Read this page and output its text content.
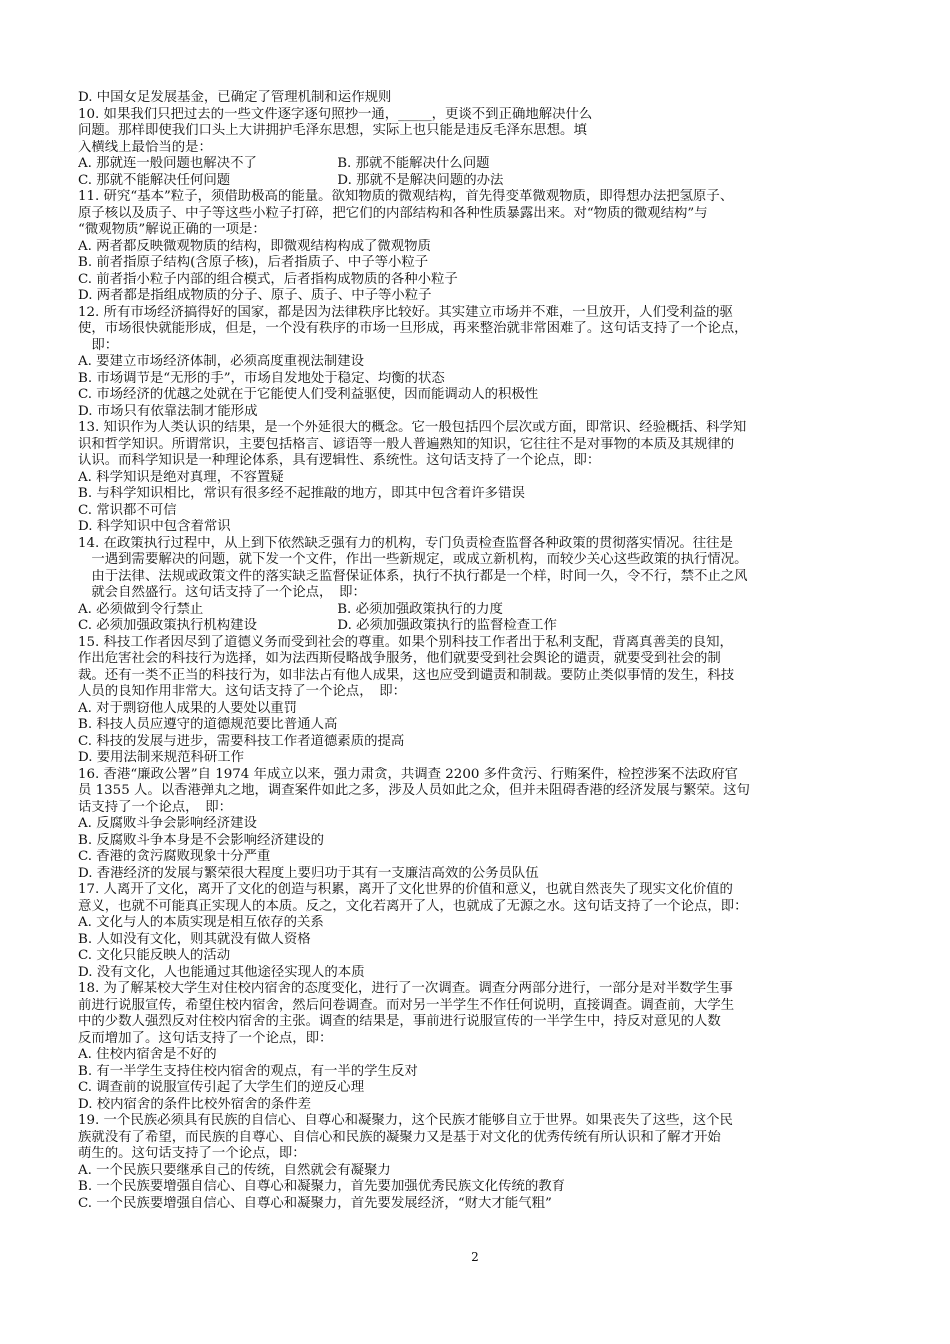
D. 中国女足发展基金，已确定了管理机制和运作规则

10. 如果我们只把过去的一些文件逐字逐句照抄一通，_____，更谈不到正确地解决什么

问题。那样即使我们口头上大讲拥护毛泽东思想，实际上也只能是违反毛泽东思想。填

入横线上最恰当的是：

A. 那就连一般问题也解决不了　　　　　　B. 那就不能解决什么问题

C. 那就不能解决任何问题　　　　　　　　D. 那就不是解决问题的办法

11. 研究“基本”粒子，须借助极高的能量。欲知物质的微观结构，首先得变革微观物质，即得想办法把氢原子、

原子核以及质子、中子等这些小粒子打碎，把它们的内部结构和各种性质暴露出来。对“物质的微观结构”与

“微观物质”解说正确的一项是：

A. 两者都反映微观物质的结构，即微观结构构成了微观物质

B. 前者指原子结构(含原子核)，后者指质子、中子等小粒子

C. 前者指小粒子内部的组合模式，后者指构成物质的各种小粒子

D. 两者都是指组成物质的分子、原子、质子、中子等小粒子

12. 所有市场经济搞得好的国家，都是因为法律秩序比较好。其实建立市场并不难，一旦放开，人们受利益的驱

使，市场很快就能形成，但是，一个没有秩序的市场一旦形成，再来整治就非常困难了。这句话支持了一个论点，

　即：

A. 要建立市场经济体制，必须高度重视法制建设

B. 市场调节是“无形的手”，市场自发地处于稳定、均衡的状态

C. 市场经济的优越之处就在于它能使人们受利益驱使，因而能调动人的积极性

D. 市场只有依靠法制才能形成

13. 知识作为人类认识的结果，是一个外延很大的概念。它一般包括四个层次或方面，即常识、经验概括、科学知

识和哲学知识。所谓常识，主要包括格言、谚语等一般人普遍熟知的知识，它往往不是对事物的本质及其规律的

认识。而科学知识是一种理论体系，具有逻辑性、系统性。这句话支持了一个论点，即：

A. 科学知识是绝对真理，不容置疑

B. 与科学知识相比，常识有很多经不起推敲的地方，即其中包含着许多错误

C. 常识都不可信

D. 科学知识中包含着常识

14. 在政策执行过程中，从上到下依然缺乏强有力的机构，专门负责检查监督各种政策的贯彻落实情况。往往是

　一遇到需要解决的问题，就下发一个文件，作出一些新规定，或成立新机构，而较少关心这些政策的执行情况。

　由于法律、法规或政策文件的落实缺乏监督保证体系，执行不执行都是一个样，时间一久，令不行，禁不止之风

　就会自然盛行。这句话支持了一个论点，　即：

A. 必须做到令行禁止　　　　　　　　　　B. 必须加强政策执行的力度

C. 必须加强政策执行机构建设　　　　　　D. 必须加强政策执行的监督检查工作

15. 科技工作者因尽到了道德义务而受到社会的尊重。如果个别科技工作者出于私利支配，背离真善美的良知，

作出危害社会的科技行为选择，如为法西斯侵略战争服务，他们就要受到社会舆论的谴责，就要受到社会的制

裁。还有一类不正当的科技行为，如非法占有他人成果，这也应受到谴责和制裁。要防止类似事情的发生，科技

人员的良知作用非常大。这句话支持了一个论点，　即：

A. 对于剽窃他人成果的人要处以重罚

B. 科技人员应遵守的道德规范要比普通人高

C. 科技的发展与进步，需要科技工作者道德素质的提高

D. 要用法制来规范科研工作

16. 香港“廉政公署”自 1974 年成立以来，强力肃贪，共调查 2200 多件贪污、行贿案件，检控涉案不法政府官

员 1355 人。以香港弹丸之地，调查案件如此之多，涉及人员如此之众，但并未阻碍香港的经济发展与繁荣。这句

话支持了一个论点，　即：

A. 反腐败斗争会影响经济建设

B. 反腐败斗争本身是不会影响经济建设的

C. 香港的贪污腐败现象十分严重

D. 香港经济的发展与繁荣很大程度上要归功于其有一支廉洁高效的公务员队伍

17. 人离开了文化，离开了文化的创造与积累，离开了文化世界的价值和意义，也就自然丧失了现实文化价值的

意义，也就不可能真正实现人的本质。反之，文化若离开了人，也就成了无源之水。这句话支持了一个论点，即：

A. 文化与人的本质实现是相互依存的关系

B. 人如没有文化，则其就没有做人资格

C. 文化只能反映人的活动

D. 没有文化，人也能通过其他途径实现人的本质

18. 为了解某校大学生对住校内宿舍的态度变化，进行了一次调查。调查分两部分进行，一部分是对半数学生事

前进行说服宣传，希望住校内宿舍，然后问卷调查。而对另一半学生不作任何说明，直接调查。调查前，大学生

中的少数人强烈反对住校内宿舍的主张。调查的结果是，事前进行说服宣传的一半学生中，持反对意见的人数

反而增加了。这句话支持了一个论点，即：

A. 住校内宿舍是不好的

B. 有一半学生支持住校内宿舍的观点，有一半的学生反对

C. 调查前的说服宣传引起了大学生们的逆反心理

D. 校内宿舍的条件比校外宿舍的条件差

19. 一个民族必须具有民族的自信心、自尊心和凝聚力，这个民族才能够自立于世界。如果丧失了这些，这个民

族就没有了希望，而民族的自尊心、自信心和民族的凝聚力又是基于对文化的优秀传统有所认识和了解才开始

萌生的。这句话支持了一个论点，即：

A. 一个民族只要继承自己的传统，自然就会有凝聚力

B. 一个民族要增强自信心、自尊心和凝聚力，首先要加强优秀民族文化传统的教育

C. 一个民族要增强自信心、自尊心和凝聚力，首先要发展经济，“财大才能气粗”

2
